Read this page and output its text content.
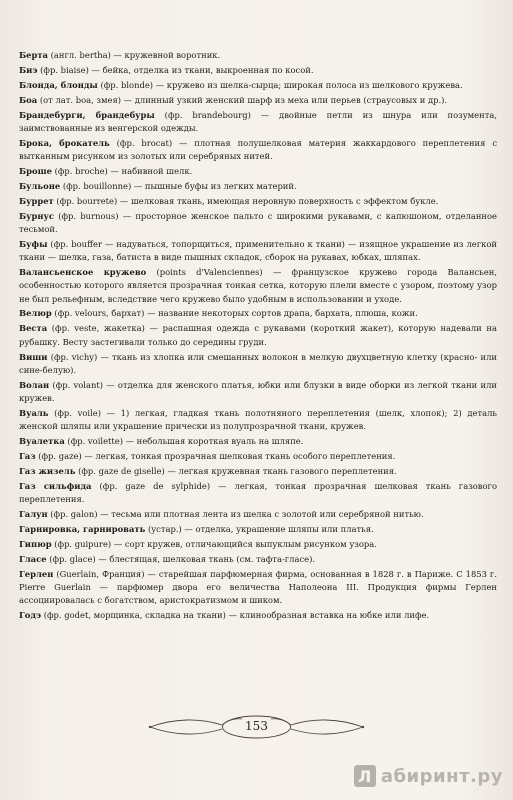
Берта (англ. bertha) — кружевной воротник.

Биэ (фр. biaise) — бейка, отделка из ткани, выкроенная по косой.

Блонда, блонды (фр. blonde) — кружево из шелка-сырца; широкая полоса из шелкового кружева.

Боа (от лат. boa, змея) — длинный узкий женский шарф из меха или перьев (страусовых и др.).

Брандебурги, брандебуры (фр. brandebourg) — двойные петли из шнура или позумента, заимствованные из венгерской одежды.

Брока, брокатель (фр. brocat) — плотная полушелковая материя жаккардового переплетения с вытканным рисунком из золотых или серебряных нитей.

Броше (фр. broche) — набивной шелк.

Бульоне (фр. bouillonne) — пышные буфы из легких материй.

Буррет (фр. bourrete) — шелковая ткань, имеющая неровную поверхность с эффектом букле.

Бурнус (фр. burnous) — просторное женское пальто с широкими рукавами, с капюшоном, отделанное тесьмой.

Буфы (фр. bouffer — надуваться, топорщиться, применительно к ткани) — изящное украшение из легкой ткани — шелка, газа, батиста в виде пышных складок, сборок на рукавах, юбках, шляпах.

Валансьенское кружево (points d'Valenciennes) — французское кружево города Валансьен, особенностью которого является прозрачная тонкая сетка, которую плели вместе с узором, поэтому узор не был рельефным, вследствие чего кружево было удобным в использовании и уходе.

Велюр (фр. velours, бархат) — название некоторых сортов драпа, бархата, плюша, кожи.

Веста (фр. veste, жакетка) — распашная одежда с рукавами (короткий жакет), которую надевали на рубашку. Весту застегивали только до середины груди.

Виши (фр. vichy) — ткань из хлопка или смешанных волокон в мелкую двухцветную клетку (красно- или сине-белую).

Волан (фр. volant) — отделка для женского платья, юбки или блузки в виде оборки из легкой ткани или кружев.

Вуаль (фр. voile) — 1) легкая, гладкая ткань полотняного переплетения (шелк, хлопок); 2) деталь женской шляпы или украшение прически из полупрозрачной ткани, кружев.

Вуалетка (фр. voilette) — небольшая короткая вуаль на шляпе.

Газ (фр. gaze) — легкая, тонкая прозрачная шелковая ткань особого переплетения.

Газ жизель (фр. gaze de giselle) — легкая кружевная ткань газового переплетения.

Газ сильфида (фр. gaze de sylphide) — легкая, тонкая прозрачная шелковая ткань газового переплетения.

Галун (фр. galon) — тесьма или плотная лента из шелка с золотой или серебряной нитью.

Гарнировка, гарнировать (устар.) — отделка, украшение шляпы или платья.

Гипюр (фр. guipure) — сорт кружев, отличающийся выпуклым рисунком узора.

Гласе (фр. glace) — блестящая, шелковая ткань (см. тафта-гласе).

Герлен (Guerlain, Франция) — старейшая парфюмерная фирма, основанная в 1828 г. в Париже. С 1853 г. Pierre Guerlain — парфюмер двора его величества Наполеона III. Продукция фирмы Герлен ассоциировалась с богатством, аристократизмом и шиком.

Годэ (фр. godet, морщинка, складка на ткани) — клинообразная вставка на юбке или лифе.

153
Л абиринт.ру
